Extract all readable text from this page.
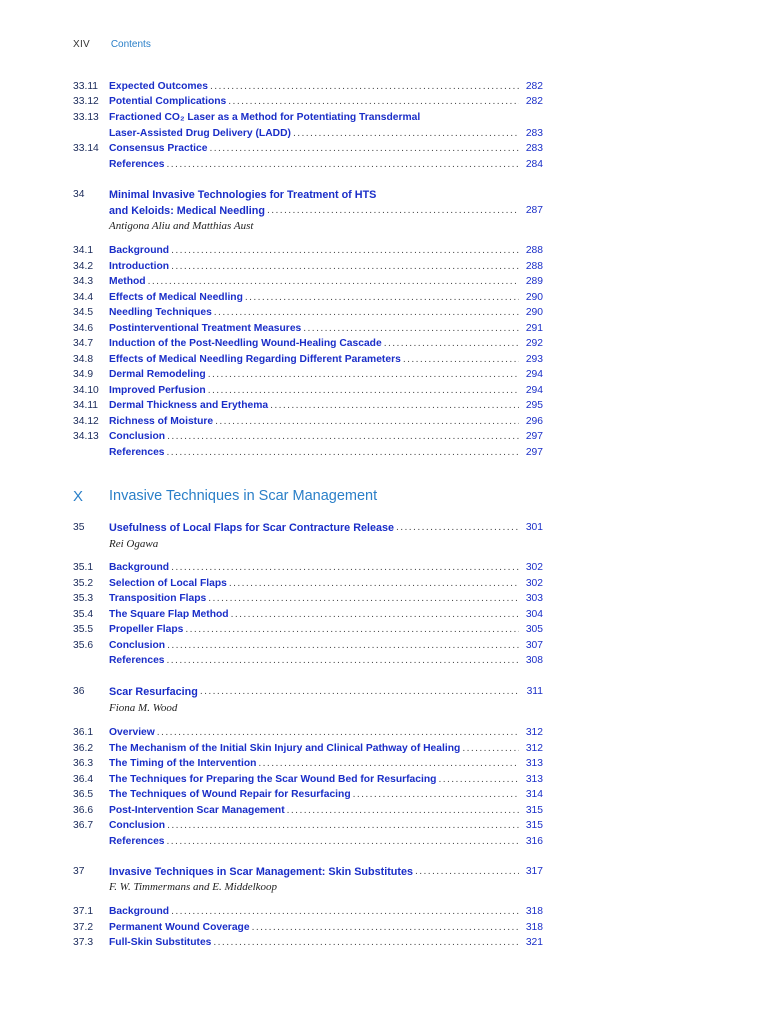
XIV Contents
33.11	Expected Outcomes .....	282
33.12 Potential Complications .....	282
33.13 Fractioned CO₂ Laser as a Method for Potentiating Transdermal
Laser-Assisted Drug Delivery (LADD) .....	283
33.14 Consensus Practice .....	283
References .....	284
34	Minimal Invasive Technologies for Treatment of HTS
and Keloids: Medical Needling .....	287
Antigona Aliu and Matthias Aust
34.1	Background .....	288
34.2	Introduction .....	288
34.3	Method .....	289
34.4	Effects of Medical Needling .....	290
34.5	Needling Techniques .....	290
34.6	Postinterventional Treatment Measures .....	291
34.7	Induction of the Post-Needling Wound-Healing Cascade .....	292
34.8	Effects of Medical Needling Regarding Different Parameters .....	293
34.9	Dermal Remodeling .....	294
34.10 Improved Perfusion .....	294
34.11	Dermal Thickness and Erythema .....	295
34.12 Richness of Moisture .....	296
34.13 Conclusion .....	297
References .....	297
X	Invasive Techniques in Scar Management
35	Usefulness of Local Flaps for Scar Contracture Release .....	301
Rei Ogawa
35.1	Background .....	302
35.2	Selection of Local Flaps .....	302
35.3	Transposition Flaps .....	303
35.4	The Square Flap Method .....	304
35.5	Propeller Flaps .....	305
35.6	Conclusion .....	307
References .....	308
36	Scar Resurfacing .....	311
Fiona M. Wood
36.1	Overview .....	312
36.2	The Mechanism of the Initial Skin Injury and Clinical Pathway of Healing .....	312
36.3	The Timing of the Intervention .....	313
36.4	The Techniques for Preparing the Scar Wound Bed for Resurfacing .....	313
36.5	The Techniques of Wound Repair for Resurfacing .....	314
36.6	Post-Intervention Scar Management .....	315
36.7	Conclusion .....	315
References .....	316
37	Invasive Techniques in Scar Management: Skin Substitutes .....	317
F. W. Timmermans and E. Middelkoop
37.1	Background .....	318
37.2	Permanent Wound Coverage .....	318
37.3	Full-Skin Substitutes .....	321
